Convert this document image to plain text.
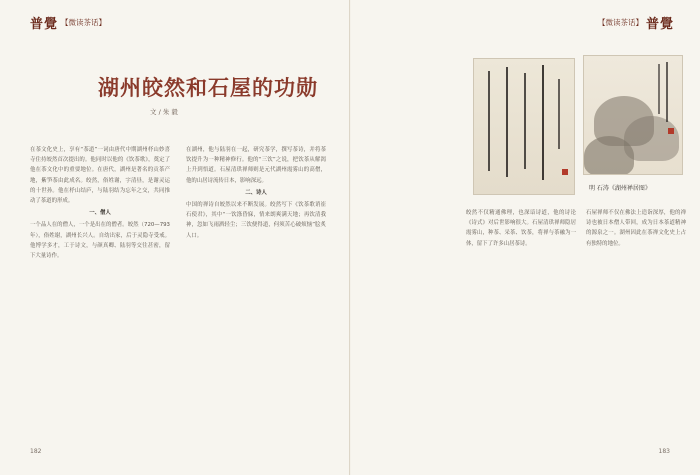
普覺 【微读茶话】
湖州皎然和石屋的功勋
文 / 朱 毅
在茶文化史上，享有“茶道”一词由唐代中期湖州杼山妙喜寺住持皎然首次提出的。他同时以他的《饮茶歌》，奠定了他在茶文化中的重要地位。在唐代，湖州是著名的贡茶产地，紫笋茶由此成名。皎然，俗姓谢，字清昼，是谢灵运的十世孙。他在杼山结庐，与陆羽结为忘年之交，共同推动了茶道的形成。
一、僧人
一个品人在的僧人，一个是出在的僧者。皎然（720—793年），俗姓谢，湖州长兴人。自幼出家，后于灵隐寺受戒。他博学多才，工于诗文，与颜真卿、陆羽等交往甚密，留下大量诗作。
在湖州，他与陆羽在一起，研究茶学，撰写茶诗，并将茶饮提升为一种精神修行。他的“三饮”之说，把饮茶从解渴上升到悟道。石屋清珙禅师则是元代湖州霞雾山的高僧，他的山居诗流传日本，影响深远。
二、诗人
中国的禅诗自皎然以来不断发展。皎然写下《饮茶歌诮崔石使君》，其中“一饮涤昏寐，情来朗爽满天地；再饮清我神，忽如飞雨洒轻尘；三饮便得道，何须苦心破烦恼”脍炙人口。
182
【微读茶话】 普覺
明 石涛《湖州禅居图》
皎然不仅精通佛理，也深谙诗道，他的诗论《诗式》对后世影响很大。石屋清珙禅师隐居霞雾山，种茶、采茶、饮茶，将禅与茶融为一体，留下了许多山居茶诗。
石屋禅师不仅在佛法上造诣深厚，他的禅诗也被日本僧人带回，成为日本茶道精神的源泉之一。湖州因此在茶禅文化史上占有独特的地位。
183
